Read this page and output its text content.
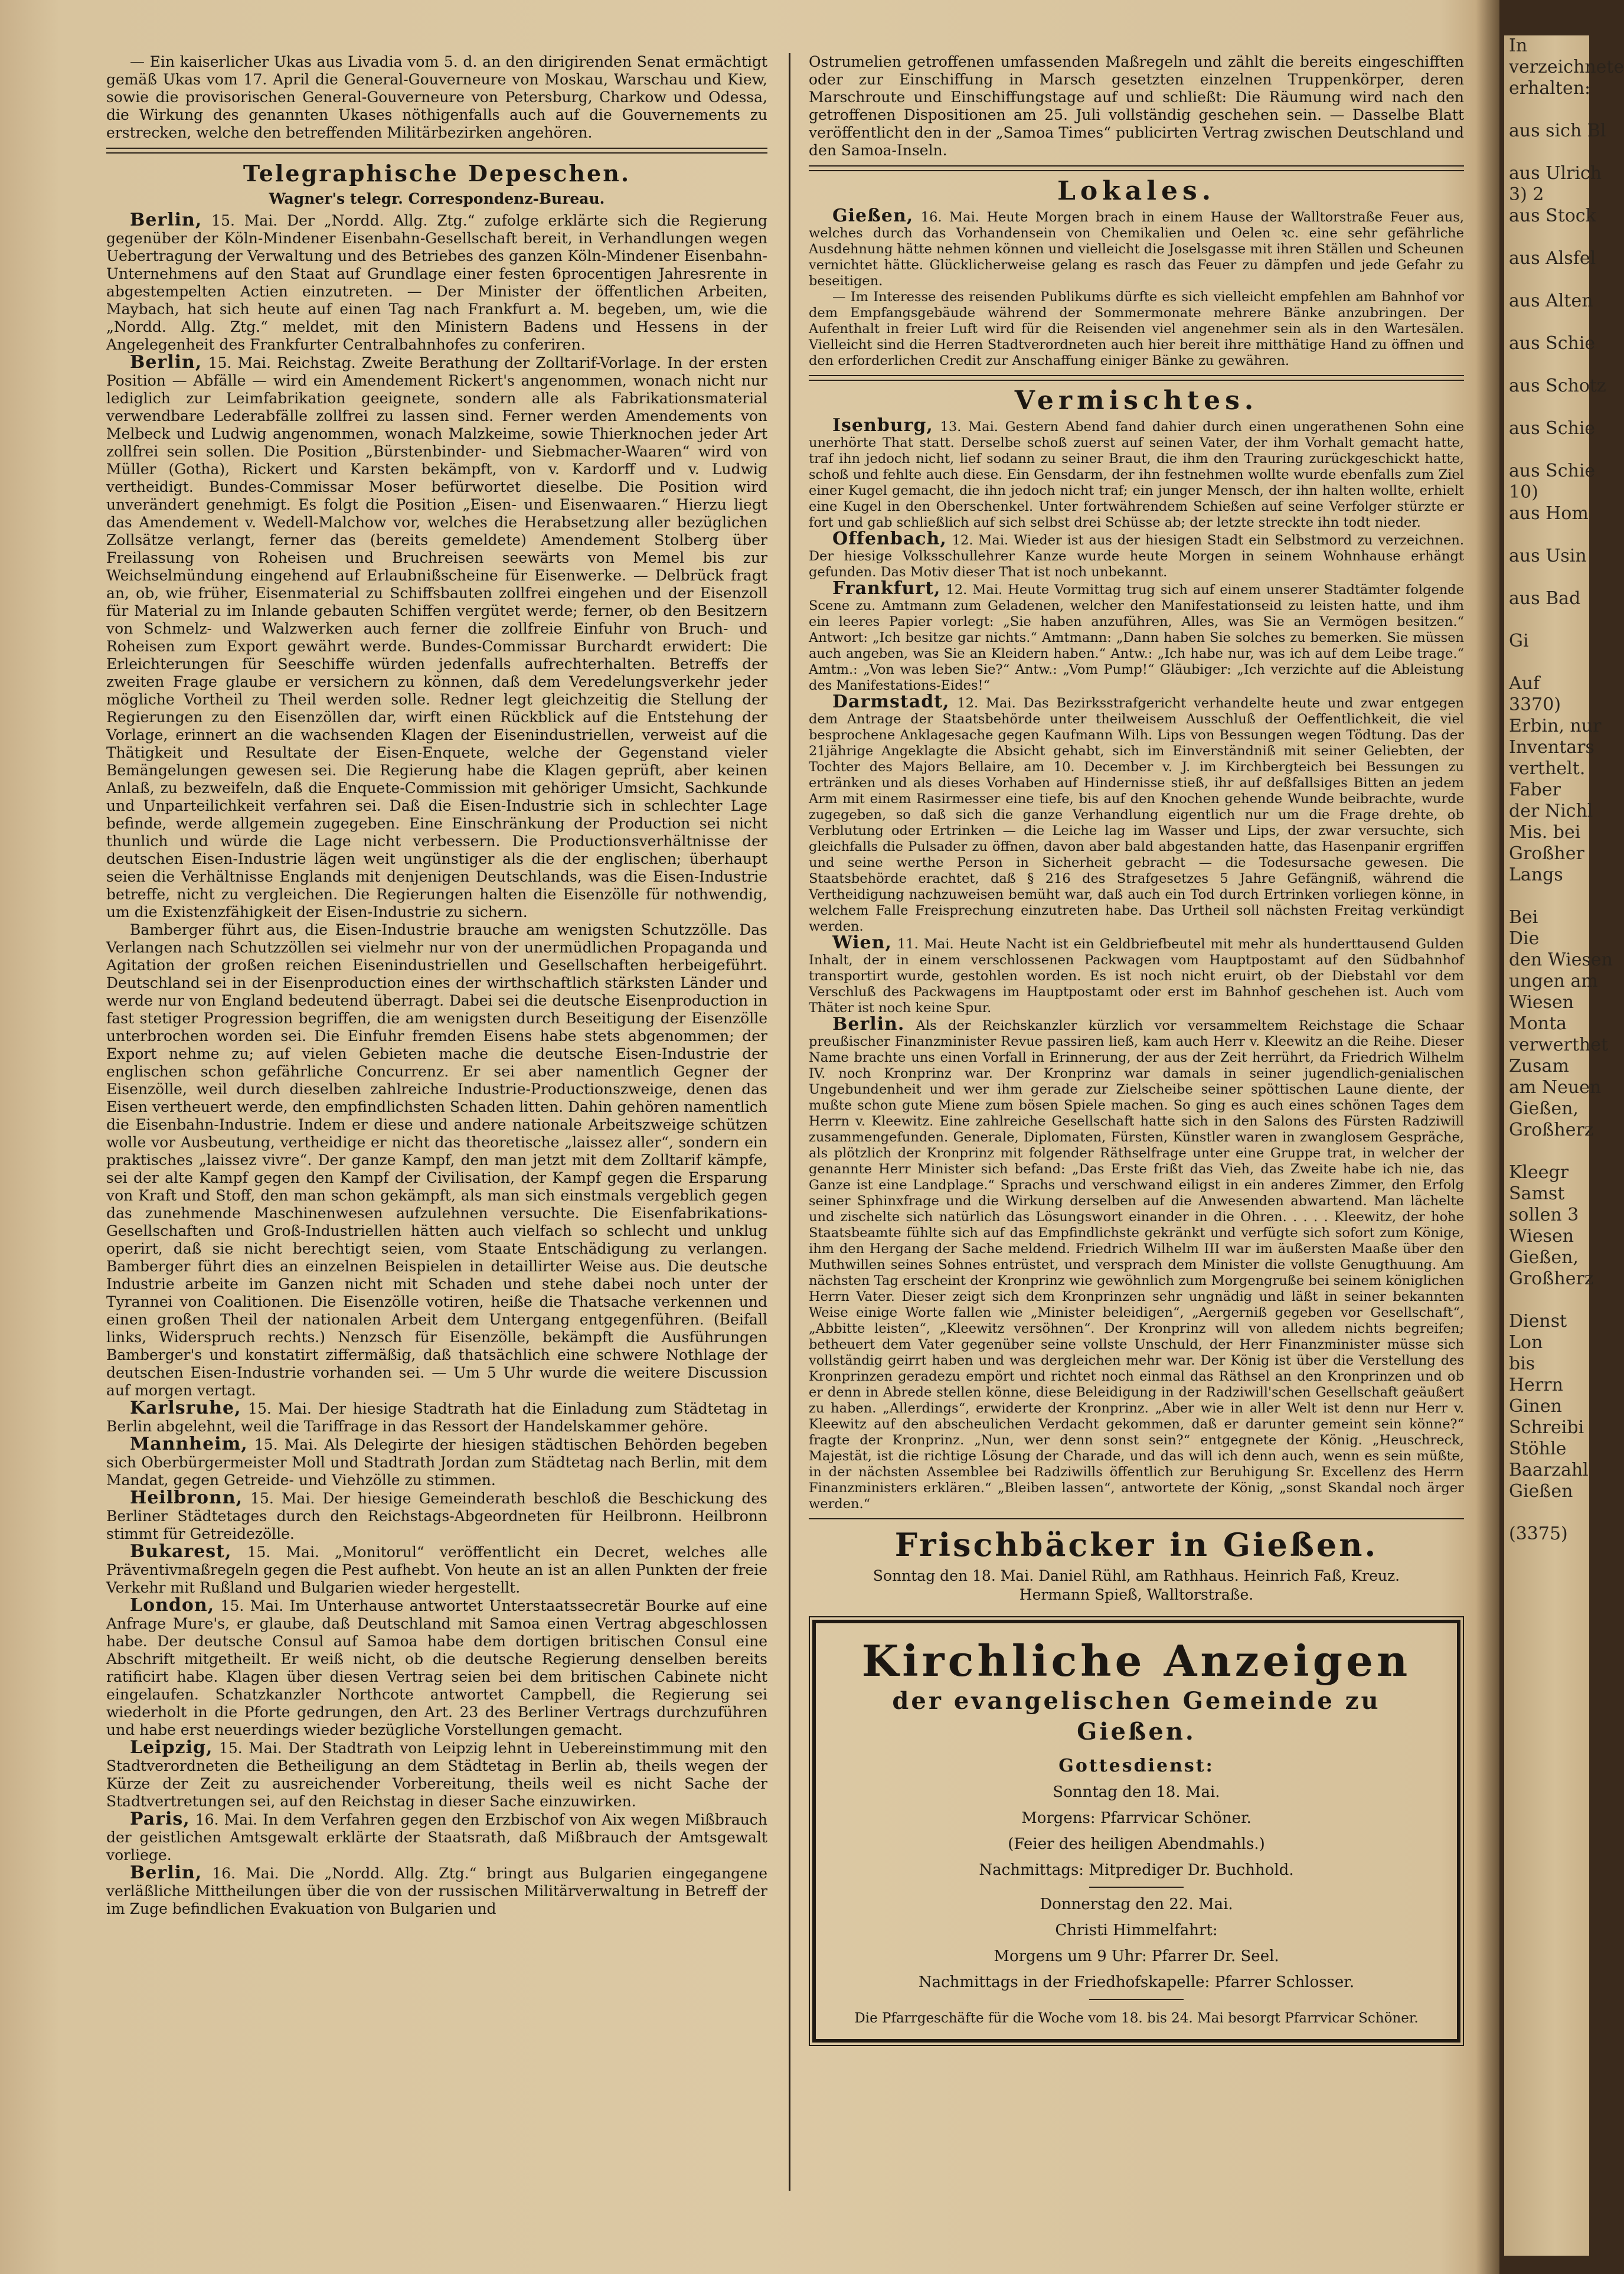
— Ein kaiserlicher Ukas aus Livadia vom 5. d. an den dirigirenden Senat ermächtigt gemäß Ukas vom 17. April die General-Gouverneure von Moskau, Warschau und Kiew, sowie die provisorischen General-Gouverneure von Petersburg, Charkow und Odessa, die Wirkung des genannten Ukases nöthigenfalls auch auf die Gouvernements zu erstrecken, welche den betreffenden Militärbezirken angehören.

Telegraphische Depeschen.
Wagner's telegr. Correspondenz-Bureau.

Berlin, 15. Mai. Der „Nordd. Allg. Ztg.“ zufolge erklärte sich die Regierung gegenüber der Köln-Mindener Eisenbahn-Gesellschaft bereit, in Verhandlungen wegen Uebertragung der Verwaltung und des Betriebes des ganzen Köln-Mindener Eisenbahn-Unternehmens auf den Staat auf Grundlage einer festen 6procentigen Jahresrente in abgestempelten Actien einzutreten. — Der Minister der öffentlichen Arbeiten, Maybach, hat sich heute auf einen Tag nach Frankfurt a. M. begeben, um, wie die „Nordd. Allg. Ztg.“ meldet, mit den Ministern Badens und Hessens in der Angelegenheit des Frankfurter Centralbahnhofes zu conferiren.

Berlin, 15. Mai. Reichstag. Zweite Berathung der Zolltarif-Vorlage. In der ersten Position — Abfälle — wird ein Amendement Rickert's angenommen, wonach nicht nur lediglich zur Leimfabrikation geeignete, sondern alle als Fabrikationsmaterial verwendbare Lederabfälle zollfrei zu lassen sind. Ferner werden Amendements von Melbeck und Ludwig angenommen, wonach Malzkeime, sowie Thierknochen jeder Art zollfrei sein sollen. Die Position „Bürstenbinder- und Siebmacher-Waaren“ wird von Müller (Gotha), Rickert und Karsten bekämpft, von v. Kardorff und v. Ludwig vertheidigt. Bundes-Commissar Moser befürwortet dieselbe. Die Position wird unverändert genehmigt. Es folgt die Position „Eisen- und Eisenwaaren.“ Hierzu liegt das Amendement v. Wedell-Malchow vor, welches die Herabsetzung aller bezüglichen Zollsätze verlangt, ferner das (bereits gemeldete) Amendement Stolberg über Freilassung von Roheisen und Bruchreisen seewärts von Memel bis zur Weichselmündung eingehend auf Erlaubnißscheine für Eisenwerke. — Delbrück fragt an, ob, wie früher, Eisenmaterial zu Schiffsbauten zollfrei eingehen und der Eisenzoll für Material zu im Inlande gebauten Schiffen vergütet werde; ferner, ob den Besitzern von Schmelz- und Walzwerken auch ferner die zollfreie Einfuhr von Bruch- und Roheisen zum Export gewährt werde. Bundes-Commissar Burchardt erwidert: Die Erleichterungen für Seeschiffe würden jedenfalls aufrechterhalten. Betreffs der zweiten Frage glaube er versichern zu können, daß dem Veredelungsverkehr jeder mögliche Vortheil zu Theil werden solle. Redner legt gleichzeitig die Stellung der Regierungen zu den Eisenzöllen dar, wirft einen Rückblick auf die Entstehung der Vorlage, erinnert an die wachsenden Klagen der Eisenindustriellen, verweist auf die Thätigkeit und Resultate der Eisen-Enquete, welche der Gegenstand vieler Bemängelungen gewesen sei. Die Regierung habe die Klagen geprüft, aber keinen Anlaß, zu bezweifeln, daß die Enquete-Commission mit gehöriger Umsicht, Sachkunde und Unparteilichkeit verfahren sei. Daß die Eisen-Industrie sich in schlechter Lage befinde, werde allgemein zugegeben. Eine Einschränkung der Production sei nicht thunlich und würde die Lage nicht verbessern. Die Productionsverhältnisse der deutschen Eisen-Industrie lägen weit ungünstiger als die der englischen; überhaupt seien die Verhältnisse Englands mit denjenigen Deutschlands, was die Eisen-Industrie betreffe, nicht zu vergleichen. Die Regierungen halten die Eisenzölle für nothwendig, um die Existenzfähigkeit der Eisen-Industrie zu sichern.

Bamberger führt aus, die Eisen-Industrie brauche am wenigsten Schutzzölle. Das Verlangen nach Schutzzöllen sei vielmehr nur von der unermüdlichen Propaganda und Agitation der großen reichen Eisenindustriellen und Gesellschaften herbeigeführt. Deutschland sei in der Eisenproduction eines der wirthschaftlich stärksten Länder und werde nur von England bedeutend überragt. Dabei sei die deutsche Eisenproduction in fast stetiger Progression begriffen, die am wenigsten durch Beseitigung der Eisenzölle unterbrochen worden sei. Die Einfuhr fremden Eisens habe stets abgenommen; der Export nehme zu; auf vielen Gebieten mache die deutsche Eisen-Industrie der englischen schon gefährliche Concurrenz. Er sei aber namentlich Gegner der Eisenzölle, weil durch dieselben zahlreiche Industrie-Productionszweige, denen das Eisen vertheuert werde, den empfindlichsten Schaden litten. Dahin gehören namentlich die Eisenbahn-Industrie. Indem er diese und andere nationale Arbeitszweige schützen wolle vor Ausbeutung, vertheidige er nicht das theoretische „laissez aller“, sondern ein praktisches „laissez vivre“. Der ganze Kampf, den man jetzt mit dem Zolltarif kämpfe, sei der alte Kampf gegen den Kampf der Civilisation, der Kampf gegen die Ersparung von Kraft und Stoff, den man schon gekämpft, als man sich einstmals vergeblich gegen das zunehmende Maschinenwesen aufzulehnen versuchte. Die Eisenfabrikations-Gesellschaften und Groß-Industriellen hätten auch vielfach so schlecht und unklug operirt, daß sie nicht berechtigt seien, vom Staate Entschädigung zu verlangen. Bamberger führt dies an einzelnen Beispielen in detaillirter Weise aus. Die deutsche Industrie arbeite im Ganzen nicht mit Schaden und stehe dabei noch unter der Tyrannei von Coalitionen. Die Eisenzölle votiren, heiße die Thatsache verkennen und einen großen Theil der nationalen Arbeit dem Untergang entgegenführen. (Beifall links, Widerspruch rechts.) Nenzsch für Eisenzölle, bekämpft die Ausführungen Bamberger's und konstatirt ziffermäßig, daß thatsächlich eine schwere Nothlage der deutschen Eisen-Industrie vorhanden sei. — Um 5 Uhr wurde die weitere Discussion auf morgen vertagt.

Karlsruhe, 15. Mai. Der hiesige Stadtrath hat die Einladung zum Städtetag in Berlin abgelehnt, weil die Tariffrage in das Ressort der Handelskammer gehöre.

Mannheim, 15. Mai. Als Delegirte der hiesigen städtischen Behörden begeben sich Oberbürgermeister Moll und Stadtrath Jordan zum Städtetag nach Berlin, mit dem Mandat, gegen Getreide- und Viehzölle zu stimmen.

Heilbronn, 15. Mai. Der hiesige Gemeinderath beschloß die Beschickung des Berliner Städtetages durch den Reichstags-Abgeordneten für Heilbronn. Heilbronn stimmt für Getreidezölle.

Bukarest, 15. Mai. „Monitorul“ veröffentlicht ein Decret, welches alle Präventivmaßregeln gegen die Pest aufhebt. Von heute an ist an allen Punkten der freie Verkehr mit Rußland und Bulgarien wieder hergestellt.

London, 15. Mai. Im Unterhause antwortet Unterstaatssecretär Bourke auf eine Anfrage Mure's, er glaube, daß Deutschland mit Samoa einen Vertrag abgeschlossen habe. Der deutsche Consul auf Samoa habe dem dortigen britischen Consul eine Abschrift mitgetheilt. Er weiß nicht, ob die deutsche Regierung denselben bereits ratificirt habe. Klagen über diesen Vertrag seien bei dem britischen Cabinete nicht eingelaufen. Schatzkanzler Northcote antwortet Campbell, die Regierung sei wiederholt in die Pforte gedrungen, den Art. 23 des Berliner Vertrags durchzuführen und habe erst neuerdings wieder bezügliche Vorstellungen gemacht.

Leipzig, 15. Mai. Der Stadtrath von Leipzig lehnt in Uebereinstimmung mit den Stadtverordneten die Betheiligung an dem Städtetag in Berlin ab, theils wegen der Kürze der Zeit zu ausreichender Vorbereitung, theils weil es nicht Sache der Stadtvertretungen sei, auf den Reichstag in dieser Sache einzuwirken.

Paris, 16. Mai. In dem Verfahren gegen den Erzbischof von Aix wegen Mißbrauch der geistlichen Amtsgewalt erklärte der Staatsrath, daß Mißbrauch der Amtsgewalt vorliege.

Berlin, 16. Mai. Die „Nordd. Allg. Ztg.“ bringt aus Bulgarien eingegangene verläßliche Mittheilungen über die von der russischen Militärverwaltung in Betreff der im Zuge befindlichen Evakuation von Bulgarien und

Ostrumelien getroffenen umfassenden Maßregeln und zählt die bereits eingeschifften oder zur Einschiffung in Marsch gesetzten einzelnen Truppenkörper, deren Marschroute und Einschiffungstage auf und schließt: Die Räumung wird nach den getroffenen Dispositionen am 25. Juli vollständig geschehen sein. — Dasselbe Blatt veröffentlicht den in der „Samoa Times“ publicirten Vertrag zwischen Deutschland und den Samoa-Inseln.

Lokales.

Gießen, 16. Mai. Heute Morgen brach in einem Hause der Walltorstraße Feuer aus, welches durch das Vorhandensein von Chemikalien und Oelen ꝛc. eine sehr gefährliche Ausdehnung hätte nehmen können und vielleicht die Joselsgasse mit ihren Ställen und Scheunen vernichtet hätte. Glücklicherweise gelang es rasch das Feuer zu dämpfen und jede Gefahr zu beseitigen.

— Im Interesse des reisenden Publikums dürfte es sich vielleicht empfehlen am Bahnhof vor dem Empfangsgebäude während der Sommermonate mehrere Bänke anzubringen. Der Aufenthalt in freier Luft wird für die Reisenden viel angenehmer sein als in den Wartesälen. Vielleicht sind die Herren Stadtverordneten auch hier bereit ihre mitthätige Hand zu öffnen und den erforderlichen Credit zur Anschaffung einiger Bänke zu gewähren.

Vermischtes.

Isenburg, 13. Mai. Gestern Abend fand dahier durch einen ungerathenen Sohn eine unerhörte That statt. Derselbe schoß zuerst auf seinen Vater, der ihm Vorhalt gemacht hatte, traf ihn jedoch nicht, lief sodann zu seiner Braut, die ihm den Trauring zurückgeschickt hatte, schoß und fehlte auch diese. Ein Gensdarm, der ihn festnehmen wollte wurde ebenfalls zum Ziel einer Kugel gemacht, die ihn jedoch nicht traf; ein junger Mensch, der ihn halten wollte, erhielt eine Kugel in den Oberschenkel. Unter fortwährendem Schießen auf seine Verfolger stürzte er fort und gab schließlich auf sich selbst drei Schüsse ab; der letzte streckte ihn todt nieder.

Offenbach, 12. Mai. Wieder ist aus der hiesigen Stadt ein Selbstmord zu verzeichnen. Der hiesige Volksschullehrer Kanze wurde heute Morgen in seinem Wohnhause erhängt gefunden. Das Motiv dieser That ist noch unbekannt.

Frankfurt, 12. Mai. Heute Vormittag trug sich auf einem unserer Stadtämter folgende Scene zu. Amtmann zum Geladenen, welcher den Manifestationseid zu leisten hatte, und ihm ein leeres Papier vorlegt: „Sie haben anzuführen, Alles, was Sie an Vermögen besitzen.“ Antwort: „Ich besitze gar nichts.“ Amtmann: „Dann haben Sie solches zu bemerken. Sie müssen auch angeben, was Sie an Kleidern haben.“ Antw.: „Ich habe nur, was ich auf dem Leibe trage.“ Amtm.: „Von was leben Sie?“ Antw.: „Vom Pump!“ Gläubiger: „Ich verzichte auf die Ableistung des Manifestations-Eides!“

Darmstadt, 12. Mai. Das Bezirksstrafgericht verhandelte heute und zwar entgegen dem Antrage der Staatsbehörde unter theilweisem Ausschluß der Oeffentlichkeit, die viel besprochene Anklagesache gegen Kaufmann Wilh. Lips von Bessungen wegen Tödtung. Das der 21jährige Angeklagte die Absicht gehabt, sich im Einverständniß mit seiner Geliebten, der Tochter des Majors Bellaire, am 10. December v. J. im Kirchbergteich bei Bessungen zu ertränken und als dieses Vorhaben auf Hindernisse stieß, ihr auf deßfallsiges Bitten an jedem Arm mit einem Rasirmesser eine tiefe, bis auf den Knochen gehende Wunde beibrachte, wurde zugegeben, so daß sich die ganze Verhandlung eigentlich nur um die Frage drehte, ob Verblutung oder Ertrinken — die Leiche lag im Wasser und Lips, der zwar versuchte, sich gleichfalls die Pulsader zu öffnen, davon aber bald abgestanden hatte, das Hasenpanir ergriffen und seine werthe Person in Sicherheit gebracht — die Todesursache gewesen. Die Staatsbehörde erachtet, daß § 216 des Strafgesetzes 5 Jahre Gefängniß, während die Vertheidigung nachzuweisen bemüht war, daß auch ein Tod durch Ertrinken vorliegen könne, in welchem Falle Freisprechung einzutreten habe. Das Urtheil soll nächsten Freitag verkündigt werden.

Wien, 11. Mai. Heute Nacht ist ein Geldbriefbeutel mit mehr als hunderttausend Gulden Inhalt, der in einem verschlossenen Packwagen vom Hauptpostamt auf den Südbahnhof transportirt wurde, gestohlen worden. Es ist noch nicht eruirt, ob der Diebstahl vor dem Verschluß des Packwagens im Hauptpostamt oder erst im Bahnhof geschehen ist. Auch vom Thäter ist noch keine Spur.

Berlin. Als der Reichskanzler kürzlich vor versammeltem Reichstage die Schaar preußischer Finanzminister Revue passiren ließ, kam auch Herr v. Kleewitz an die Reihe. Dieser Name brachte uns einen Vorfall in Erinnerung, der aus der Zeit herrührt, da Friedrich Wilhelm IV. noch Kronprinz war. Der Kronprinz war damals in seiner jugendlich-genialischen Ungebundenheit und wer ihm gerade zur Zielscheibe seiner spöttischen Laune diente, der mußte schon gute Miene zum bösen Spiele machen. So ging es auch eines schönen Tages dem Herrn v. Kleewitz. Eine zahlreiche Gesellschaft hatte sich in den Salons des Fürsten Radziwill zusammengefunden. Generale, Diplomaten, Fürsten, Künstler waren in zwanglosem Gespräche, als plötzlich der Kronprinz mit folgender Räthselfrage unter eine Gruppe trat, in welcher der genannte Herr Minister sich befand: „Das Erste frißt das Vieh, das Zweite habe ich nie, das Ganze ist eine Landplage.“ Sprachs und verschwand eiligst in ein anderes Zimmer, den Erfolg seiner Sphinxfrage und die Wirkung derselben auf die Anwesenden abwartend. Man lächelte und zischelte sich natürlich das Lösungswort einander in die Ohren. . . . . Kleewitz, der hohe Staatsbeamte fühlte sich auf das Empfindlichste gekränkt und verfügte sich sofort zum Könige, ihm den Hergang der Sache meldend. Friedrich Wilhelm III war im äußersten Maaße über den Muthwillen seines Sohnes entrüstet, und versprach dem Minister die vollste Genugthuung. Am nächsten Tag erscheint der Kronprinz wie gewöhnlich zum Morgengruße bei seinem königlichen Herrn Vater. Dieser zeigt sich dem Kronprinzen sehr ungnädig und läßt in seiner bekannten Weise einige Worte fallen wie „Minister beleidigen“, „Aergerniß gegeben vor Gesellschaft“, „Abbitte leisten“, „Kleewitz versöhnen“. Der Kronprinz will von alledem nichts begreifen; betheuert dem Vater gegenüber seine vollste Unschuld, der Herr Finanzminister müsse sich vollständig geirrt haben und was dergleichen mehr war. Der König ist über die Verstellung des Kronprinzen geradezu empört und richtet noch einmal das Räthsel an den Kronprinzen und ob er denn in Abrede stellen könne, diese Beleidigung in der Radziwill'schen Gesellschaft geäußert zu haben. „Allerdings“, erwiderte der Kronprinz. „Aber wie in aller Welt ist denn nur Herr v. Kleewitz auf den abscheulichen Verdacht gekommen, daß er darunter gemeint sein könne?“ fragte der Kronprinz. „Nun, wer denn sonst sein?“ entgegnete der König. „Heuschreck, Majestät, ist die richtige Lösung der Charade, und das will ich denn auch, wenn es sein müßte, in der nächsten Assemblee bei Radziwills öffentlich zur Beruhigung Sr. Excellenz des Herrn Finanzministers erklären.“ „Bleiben lassen“, antwortete der König, „sonst Skandal noch ärger werden.“

Frischbäcker in Gießen.
Sonntag den 18. Mai. Daniel Rühl, am Rathhaus. Heinrich Faß, Kreuz.
Hermann Spieß, Walltorstraße.
Kirchliche Anzeigen
der evangelischen Gemeinde zu Gießen.
Gottesdienst:
Sonntag den 18. Mai.
Morgens: Pfarrvicar Schöner.
(Feier des heiligen Abendmahls.)
Nachmittags: Mitprediger Dr. Buchhold.
Donnerstag den 22. Mai.
Christi Himmelfahrt:
Morgens um 9 Uhr: Pfarrer Dr. Seel.
Nachmittags in der Friedhofskapelle: Pfarrer Schlosser.
Die Pfarrgeschäfte für die Woche vom 18. bis 24. Mai besorgt Pfarrvicar Schöner.

In

verzeichnete

erhalten:

aus sich Bl

aus Ulrich

3) 2

aus Stock

aus Alsfel

aus Alten

aus Schie

aus Schotz

aus Schie

aus Schie

10)

aus Hom

aus Usin

aus Bad

Gi

Auf

3370)

Erbin, nur

Inventars

verthelt.

Faber

der Nichl

Mis. bei

Großher

Langs

Bei

Die

den Wiesen

ungen am

Wiesen

Monta

verwerthet

Zusam

am Neuen

Gießen,

Großherz

Kleegr

Samst

sollen 3

Wiesen

Gießen,

Großherz

Dienst

Lon

bis

Herrn

Ginen

Schreibi

Stöhle

Baarzahl

Gießen

(3375)
